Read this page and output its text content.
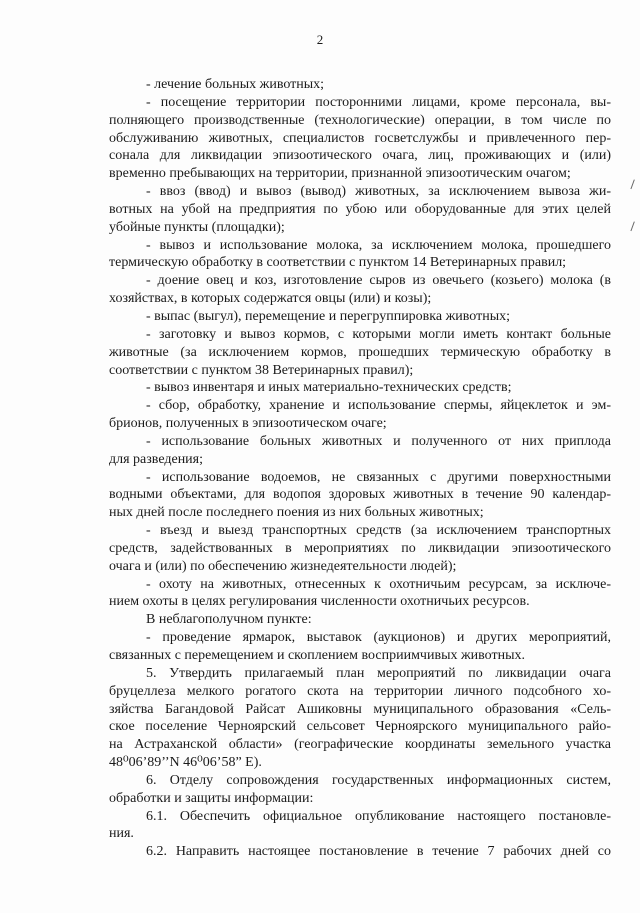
2
- лечение больных животных;
- посещение территории посторонними лицами, кроме персонала, вы-
полняющего производственные (технологические) операции, в том числе по
обслуживанию животных, специалистов госветслужбы и привлеченного пер-
сонала для ликвидации эпизоотического очага, лиц, проживающих и (или)
временно пребывающих на территории, признанной эпизоотическим очагом;
- ввоз (ввод) и вывоз (вывод) животных, за исключением вывоза жи-
вотных на убой на предприятия по убою или оборудованные для этих целей
убойные пункты (площадки);
- вывоз и использование молока, за исключением молока, прошедшего
термическую обработку в соответствии с пунктом 14 Ветеринарных правил;
- доение овец и коз, изготовление сыров из овечьего (козьего) молока (в
хозяйствах, в которых содержатся овцы (или) и козы);
- выпас (выгул), перемещение и перегруппировка животных;
- заготовку и вывоз кормов, с которыми могли иметь контакт больные
животные (за исключением кормов, прошедших термическую обработку в
соответствии с пунктом 38 Ветеринарных правил);
- вывоз инвентаря и иных материально-технических средств;
- сбор, обработку, хранение и использование спермы, яйцеклеток и эм-
брионов, полученных в эпизоотическом очаге;
- использование больных животных и полученного от них приплода
для разведения;
- использование водоемов, не связанных с другими поверхностными
водными объектами, для водопоя здоровых животных в течение 90 календар-
ных дней после последнего поения из них больных животных;
- въезд и выезд транспортных средств (за исключением транспортных
средств, задействованных в мероприятиях по ликвидации эпизоотического
очага и (или) по обеспечению жизнедеятельности людей);
- охоту на животных, отнесенных к охотничьим ресурсам, за исключе-
нием охоты в целях регулирования численности охотничьих ресурсов.
В неблагополучном пункте:
- проведение ярмарок, выставок (аукционов) и других мероприятий,
связанных с перемещением и скоплением восприимчивых животных.
5. Утвердить прилагаемый план мероприятий по ликвидации очага
бруцеллеза мелкого рогатого скота на территории личного подсобного хо-
зяйства Багандовой Райсат Ашиковны муниципального образования «Сель-
ское поселение Черноярский сельсовет Черноярского муниципального райо-
на Астраханской области» (географические координаты земельного участка
48⁰06’89’’N 46⁰06’58” E).
6. Отделу сопровождения государственных информационных систем,
обработки и защиты информации:
6.1. Обеспечить официальное опубликование настоящего постановле-
ния.
6.2. Направить настоящее постановление в течение 7 рабочих дней со
